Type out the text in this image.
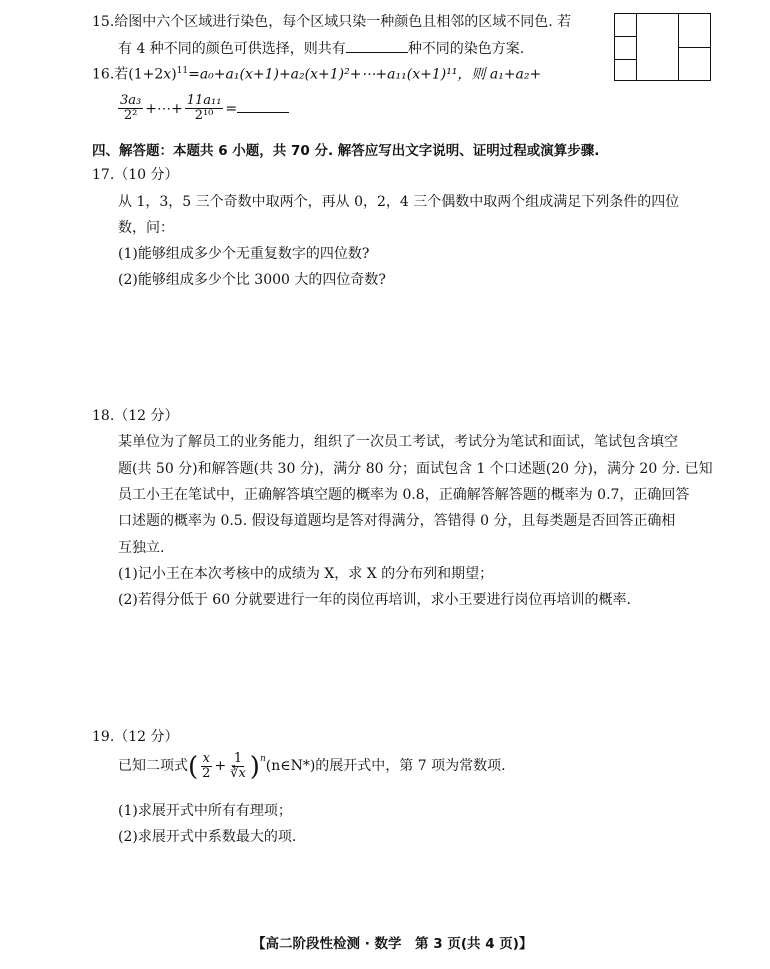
15.给图中六个区域进行染色，每个区域只染一种颜色且相邻的区域不同色. 若
有 4 种不同的颜色可供选择，则共有	种不同的染色方案.
16.若$(1+2x)^{11}=a_0+a_1(x+1)+a_2(x+1)^2+\cdots+a_{11}(x+1)^{11}$，则 a₁+a₂+
$\frac{\text{3a₃}}{\text{2²}}$ +⋯+ $\frac{\text{11a₁₁}}{\text{2¹⁰}}$ =
四、解答题：本题共 6 小题，共 70 分. 解答应写出文字说明、证明过程或演算步骤.
17.（10 分）
从 1，3，5 三个奇数中取两个，再从 0，2，4 三个偶数中取两个组成满足下列条件的四位
数，问：
(1)能够组成多少个无重复数字的四位数?
(2)能够组成多少个比 3000 大的四位奇数?
18.（12 分）
某单位为了解员工的业务能力，组织了一次员工考试，考试分为笔试和面试，笔试包含填空
题(共 50 分)和解答题(共 30 分)，满分 80 分；面试包含 1 个口述题(20 分)，满分 20 分. 已知
员工小王在笔试中，正确解答填空题的概率为 0.8，正确解答解答题的概率为 0.7，正确回答
口述题的概率为 0.5. 假设每道题均是答对得满分，答错得 0 分，且每类题是否回答正确相
互独立.
(1)记小王在本次考核中的成绩为 X，求 X 的分布列和期望；
(2)若得分低于 60 分就要进行一年的岗位再培训，求小王要进行岗位再培训的概率.
19.（12 分）
已知二项式 ( $\frac{x}{2} + \frac{1}{∛x} )^n$ (n∈N*)的展开式中，第 7 项为常数项.
(1)求展开式中所有有理项；
(2)求展开式中系数最大的项.
【高二阶段性检测 · 数学　第 3 页(共 4 页)】
